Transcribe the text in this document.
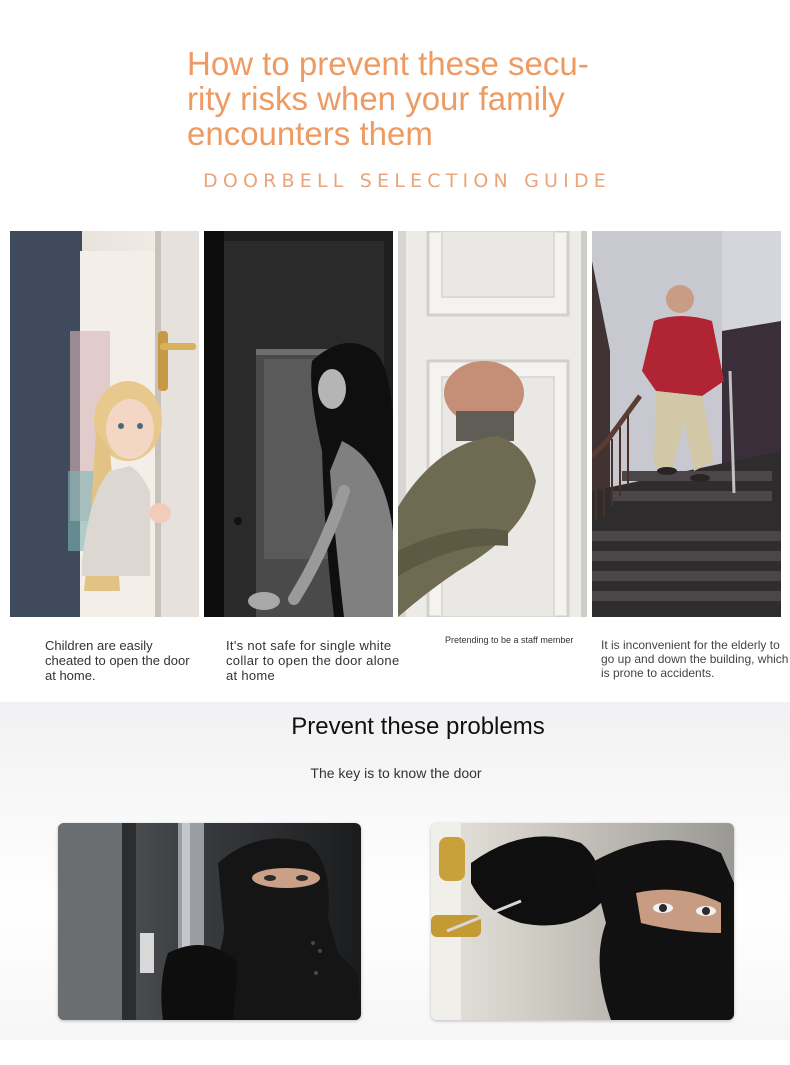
How to prevent these secu-rity risks when your family encounters them
DOORBELL SELECTION GUIDE
Children are easily cheated to open the door at home.
It's not safe for single white collar to open the door alone at home
Pretending to be a staff member It is inconvenient for the elderly to go up and down the building, which is prone to accidents.
Prevent these problems
The key is to know the door
